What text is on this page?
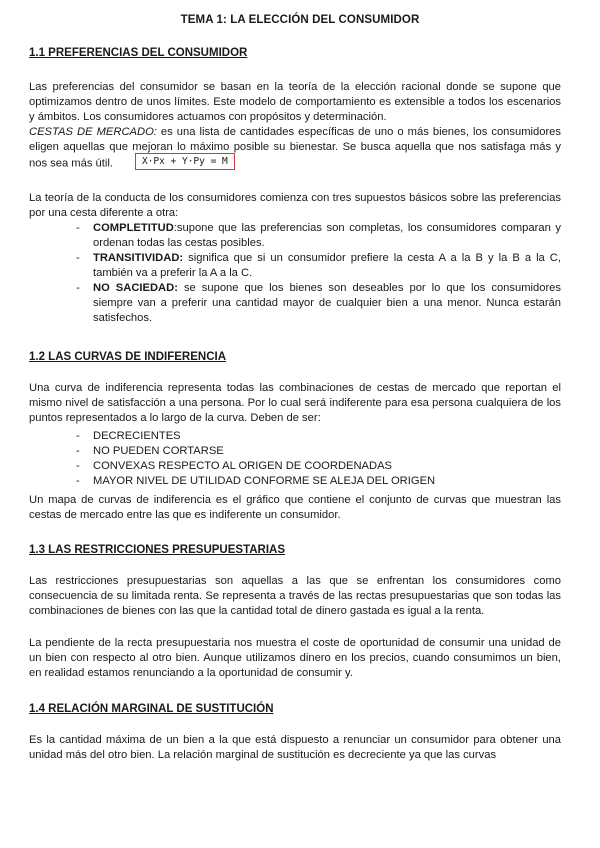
TEMA 1: LA ELECCIÓN DEL CONSUMIDOR
1.1 PREFERENCIAS DEL CONSUMIDOR

Las preferencias del consumidor se basan en la teoría de la elección racional donde se supone que optimizamos dentro de unos límites. Este modelo de comportamiento es extensible a todos los escenarios y ámbitos. Los consumidores actuamos con propósitos y determinación.

CESTAS DE MERCADO: es una lista de cantidades específicas de uno o más bienes, los consumidores eligen aquellas que mejoran lo máximo posible su bienestar. Se busca aquella que nos satisfaga más y nos sea más útil.	X·Px + Y·Py = M

La teoría de la conducta de los consumidores comienza con tres supuestos básicos sobre las preferencias por una cesta diferente a otra:

- COMPLETITUD:supone que las preferencias son completas, los consumidores comparan y ordenan todas las cestas posibles.
- TRANSITIVIDAD: significa que si un consumidor prefiere la cesta A a la B y la B a la C, también va a preferir la A a la C.
- NO SACIEDAD: se supone que los bienes son deseables por lo que los consumidores siempre van a preferir una cantidad mayor de cualquier bien a una menor. Nunca estarán satisfechos.
1.2 LAS CURVAS DE INDIFERENCIA

Una curva de indiferencia representa todas las combinaciones de cestas de mercado que reportan el mismo nivel de satisfacción a una persona. Por lo cual será indiferente para esa persona cualquiera de los puntos representados a lo largo de la curva. Deben de ser:

- DECRECIENTES
- NO PUEDEN CORTARSE
- CONVEXAS RESPECTO AL ORIGEN DE COORDENADAS
- MAYOR NIVEL DE UTILIDAD CONFORME SE ALEJA DEL ORIGEN

Un mapa de curvas de indiferencia es el gráfico que contiene el conjunto de curvas que muestran las cestas de mercado entre las que es indiferente un consumidor.

1.3 LAS RESTRICCIONES PRESUPUESTARIAS

Las restricciones presupuestarias son aquellas a las que se enfrentan los consumidores como consecuencia de su limitada renta. Se representa a través de las rectas presupuestarias que son todas las combinaciones de bienes con las que la cantidad total de dinero gastada es igual a la renta.

La pendiente de la recta presupuestaria nos muestra el coste de oportunidad de consumir una unidad de un bien con respecto al otro bien. Aunque utilizamos dinero en los precios, cuando consumimos un bien, en realidad estamos renunciando a la oportunidad de consumir y.

1.4 RELACIÓN MARGINAL DE SUSTITUCIÓN

Es la cantidad máxima de un bien a la que está dispuesto a renunciar un consumidor para obtener una unidad más del otro bien. La relación marginal de sustitución es decreciente ya que las curvas
